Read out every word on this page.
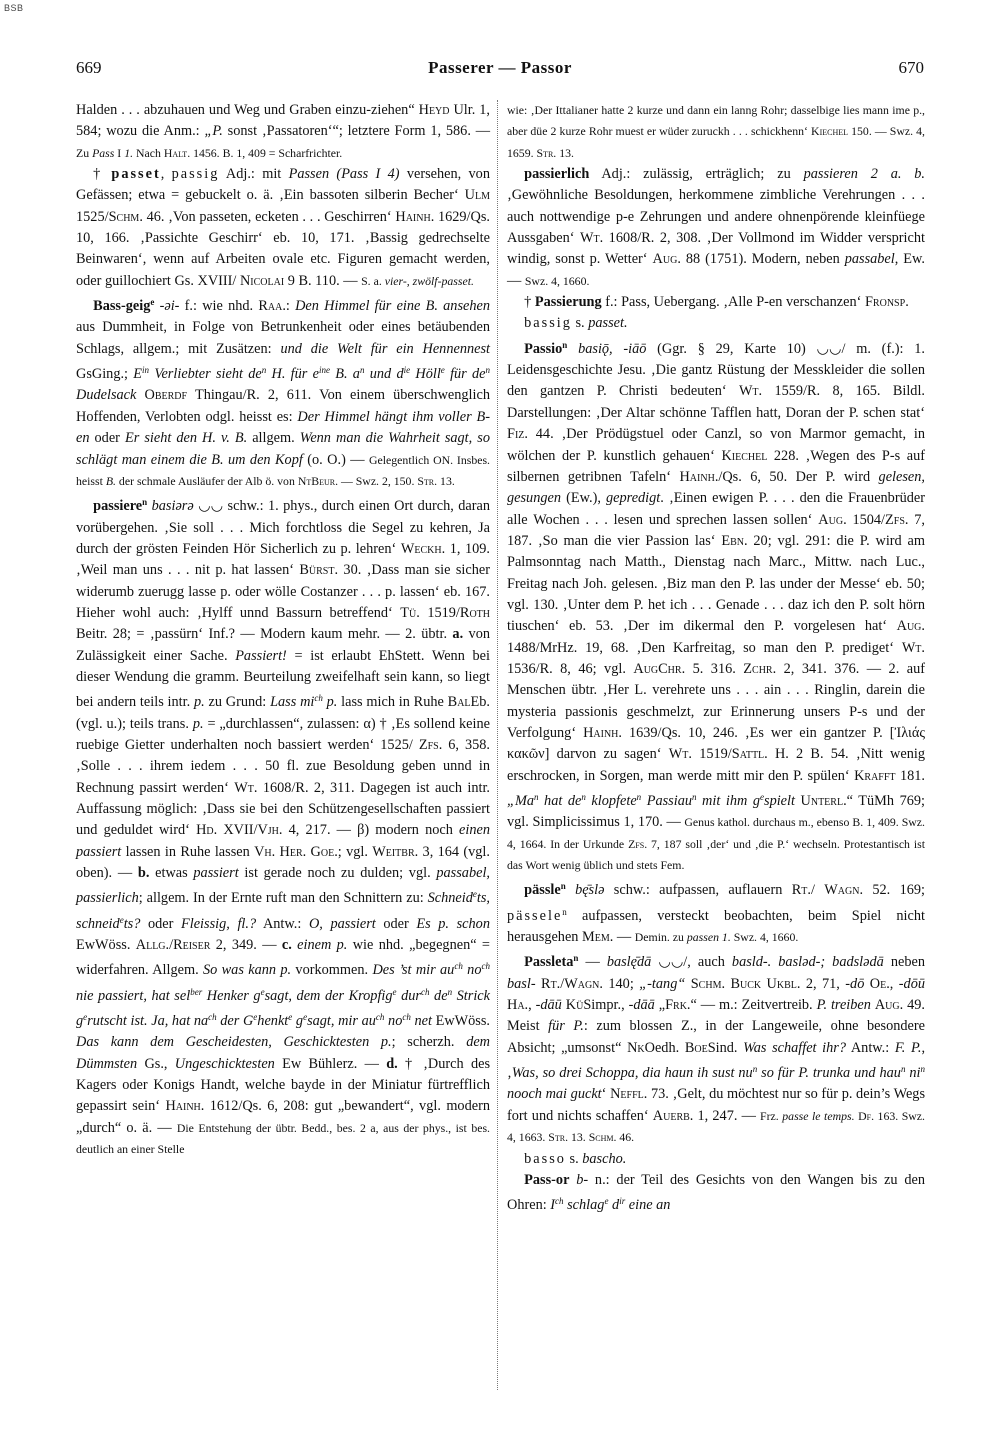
BSB
669	Passerer — Passor	670

Halden . . . abzuhauen und Weg und Graben einzu-ziehen“ Heyd Ulr. 1, 584; wozu die Anm.: „P. sonst ‚Passatoren‘“; letztere Form 1, 586. — Zu Pass I 1. Nach Halt. 1456. B. 1, 409 = Scharfrichter.

† passet, passig Adj.: mit Passen (Pass I 4) versehen, von Gefässen; etwa = gebuckelt o. ä. ‚Ein bassoten silberin Becher‘ Ulm 1525/Schm. 46. ‚Von passeten, ecketen . . . Geschirren‘ Hainh. 1629/Qs. 10, 166. ‚Passichte Geschirr‘ eb. 10, 171. ‚Bassig gedrechselte Beinwaren‘, wenn auf Arbeiten ovale etc. Figuren gemacht werden, oder guillochiert Gs. XVIII/ Nicolai 9 B. 110. — S. a. vier-, zwölf-passet.

Bass-geig$^e$ -əi- f.: wie nhd. Raa.: Den Himmel für eine B. ansehen aus Dummheit, in Folge von Betrunkenheit oder eines betäubenden Schlags, allgem.; mit Zusätzen: und die Welt für ein Hennennest GsGing.; $E^{in}$ Verliebter sieht $de^n$ H. für $e^{ine}$ B. $a^n$ und $d^{ie}$ Höll$^e$ für $de^n$ Dudelsack Oberdf Thingau/R. 2, 611. Von einem überschwenglich Hoffenden, Verlobten odgl. heisst es: Der Himmel hängt ihm voller B-en oder Er sieht den H. v. B. allgem. Wenn man die Wahrheit sagt, so schlägt man einem die B. um den Kopf (o. O.) — Gelegentlich ON. Insbes. heisst B. der schmale Ausläufer der Alb ö. von NtBeur. — Swz. 2, 150. Str. 13.

passiere$^n$ basiərə ◡◡ schw.: 1. phys., durch einen Ort durch, daran vorübergehen. ‚Sie soll . . . Mich forchtloss die Segel zu kehren, Ja durch der grösten Feinden Hör Sicherlich zu p. lehren‘ Weckh. 1, 109. ‚Weil man uns . . . nit p. hat lassen‘ Bürst. 30. ‚Dass man sie sicher widerumb zuerugg lasse p. oder wölle Costanzer . . . p. lassen‘ eb. 167. Hieher wohl auch: ‚Hylff unnd Bassurn betreffend‘ Tü. 1519/Roth Beitr. 28; = ‚passürn‘ Inf.? — Modern kaum mehr. — 2. übtr. a. von Zulässigkeit einer Sache. Passiert! = ist erlaubt EhStett. Wenn bei dieser Wendung die gramm. Beurteilung zweifelhaft sein kann, so liegt bei andern teils intr. p. zu Grund: Lass $mi^{ch}$ p. lass mich in Ruhe BalEb. (vgl. u.); teils trans. p. = „durchlassen“, zulassen: α) † ‚Es sollend keine ruebige Gietter underhalten noch bassiert werden‘ 1525/ Zfs. 6, 358. ‚Solle . . . ihrem iedem . . . 50 fl. zue Besoldung geben unnd in Rechnung passirt werden‘ Wt. 1608/R. 2, 311. Dagegen ist auch intr. Auffassung möglich: ‚Dass sie bei den Schützengesellschaften passiert und geduldet wird‘ Hd. XVII/Vjh. 4, 217. — β) modern noch einen passiert lassen in Ruhe lassen Vh. Her. Goe.; vgl. Weitbr. 3, 164 (vgl. oben). — b. etwas passiert ist gerade noch zu dulden; vgl. passabel, passierlich; allgem. In der Ernte ruft man den Schnittern zu: Schneid$^e$ts, schneid$^e$ts? oder Fleissig, fl.? Antw.: O, passiert oder Es p. schon EwWöss. Allg./Reiser 2, 349. — c. einem p. wie nhd. „begegnen“ = widerfahren. Allgem. So was kann p. vorkommen. Des ’st mir $au^{ch}$ $no^{ch}$ nie passiert, hat sel$^{ber}$ Henker $g^esagt$, dem der Kropfig$^e$ dur$^{ch}$ $de^n$ Strick $g^erutscht$ ist. Ja, hat $na^{ch}$ der $G^ehenkt^e$ $g^esagt$, mir $au^{ch}$ $no^{ch}$ net EwWöss. Das kann dem Gescheidesten, Geschicktesten p.; scherzh. dem Dümmsten Gs., Ungeschicktesten Ew Bühlerz. — d. † ‚Durch des Kagers oder Konigs Handt, welche bayde in der Miniatur fürtrefflich gepassirt sein‘ Hainh. 1612/Qs. 6, 208: gut „bewandert“, vgl. modern „durch“ o. ä. — Die Entstehung der übtr. Bedd., bes. 2 a, aus der phys., ist bes. deutlich an einer Stelle

wie: ‚Der Ittalianer hatte 2 kurze und dann ein lanng Rohr; dasselbige lies mann ime p., aber düe 2 kurze Rohr muest er wüder zuruckh . . . schickhenn‘ Kiechel 150. — Swz. 4, 1659. Str. 13.

passierlich Adj.: zulässig, erträglich; zu passieren 2 a. b. ‚Gewöhnliche Besoldungen, herkommene zimbliche Verehrungen . . . auch nottwendige p-e Zehrungen und andere ohnenpörende kleinfüege Aussgaben‘ Wt. 1608/R. 2, 308. ‚Der Vollmond im Widder verspricht windig, sonst p. Wetter‘ Aug. 88 (1751). Modern, neben passabel, Ew. — Swz. 4, 1660.

† Passierung f.: Pass, Uebergang. ‚Alle P-en verschanzen‘ Fronsp.

bassig s. passet.

Passio$^n$ basiǭ, -iāō (Ggr. § 29, Karte 10) ◡◡/ m. (f.): 1. Leidensgeschichte Jesu. ‚Die gantz Rüstung der Messkleider die sollen den gantzen P. Christi bedeuten‘ Wt. 1559/R. 8, 165. Bildl. Darstellungen: ‚Der Altar schönne Tafflen hatt, Doran der P. schen stat‘ Fiz. 44. ‚Der Prödügstuel oder Canzl, so von Marmor gemacht, in wölchen der P. kunstlich gehauen‘ Kiechel 228. ‚Wegen des P-s auf silbernen getribnen Tafeln‘ Hainh./Qs. 6, 50. Der P. wird gelesen, gesungen (Ew.), gepredigt. ‚Einen ewigen P. . . . den die Frauenbrüder alle Wochen . . . lesen und sprechen lassen sollen‘ Aug. 1504/Zfs. 7, 187. ‚So man die vier Passion las‘ Ebn. 20; vgl. 291: die P. wird am Palmsonntag nach Matth., Dienstag nach Marc., Mittw. nach Luc., Freitag nach Joh. gelesen. ‚Biz man den P. las under der Messe‘ eb. 50; vgl. 130. ‚Unter dem P. het ich . . . Genade . . . daz ich den P. solt hörn tiuschen‘ eb. 53. ‚Der im dikermal den P. vorgelesen hat‘ Aug. 1488/MrHz. 19, 68. ‚Den Karfreitag, so man den P. prediget‘ Wt. 1536/R. 8, 46; vgl. AugChr. 5. 316. Zchr. 2, 341. 376. — 2. auf Menschen übtr. ‚Her L. verehrete uns . . . ain . . . Ringlin, darein die mysteria passionis geschmelzt, zur Erinnerung unsers P-s und der Verfolgung‘ Hainh. 1639/Qs. 10, 246. ‚Es wer ein gantzer P. [Ἰλιάς κακῶν] darvon zu sagen‘ Wt. 1519/Sattl. H. 2 B. 54. ‚Nitt wenig erschrocken, in Sorgen, man werde mitt mir den P. spülen‘ Krafft 181. „Ma$^n$ hat $de^n$ klopfete$^n$ Passiau$^n$ mit ihm $g^espielt$ Unterl.“ TüMh 769; vgl. Simplicissimus 1, 170. — Genus kathol. durchaus m., ebenso B. 1, 409. Swz. 4, 1664. In der Urkunde Zfs. 7, 187 soll ‚der‘ und ‚die P.‘ wechseln. Protestantisch ist das Wort wenig üblich und stets Fem.

pässle$^n$ bę̄slə schw.: aufpassen, auflauern Rt./ Wagn. 52. 169; pässele$^n$ aufpassen, versteckt beobachten, beim Spiel nicht herausgehen Mem. — Demin. zu passen 1. Swz. 4, 1660.

Passleta$^n$ — baslę̄dā ◡◡/, auch basld-. basləd-; badslədā neben basl- Rt./Wagn. 140; „-tang“ Schm. Buck Ukbl. 2, 71, -dō Oe., -dōū Ha., -dāū KüSimpr., -dāā „Frk.“ — m.: Zeitvertreib. P. treiben Aug. 49. Meist für P.: zum blossen Z., in der Langeweile, ohne besondere Absicht; „umsonst“ NkOedh. BoeSind. Was schaffet ihr? Antw.: F. P., ‚Was, so drei Schoppa, dia haun ih sust $nu^n$ so für P. trunka und hau$^n$ $ni^n$ nooch mai guckt‘ Neffl. 73. ‚Gelt, du möchtest nur so für p. dein’s Wegs fort und nichts schaffen‘ Auerb. 1, 247. — Frz. passe le temps. Df. 163. Swz. 4, 1663. Str. 13. Schm. 46.

basso s. bascho.

Pass-or b- n.: der Teil des Gesichts von den Wangen bis zu den Ohren: $I^{ch}$ schlag$^e$ $d^{ir}$ eine an
